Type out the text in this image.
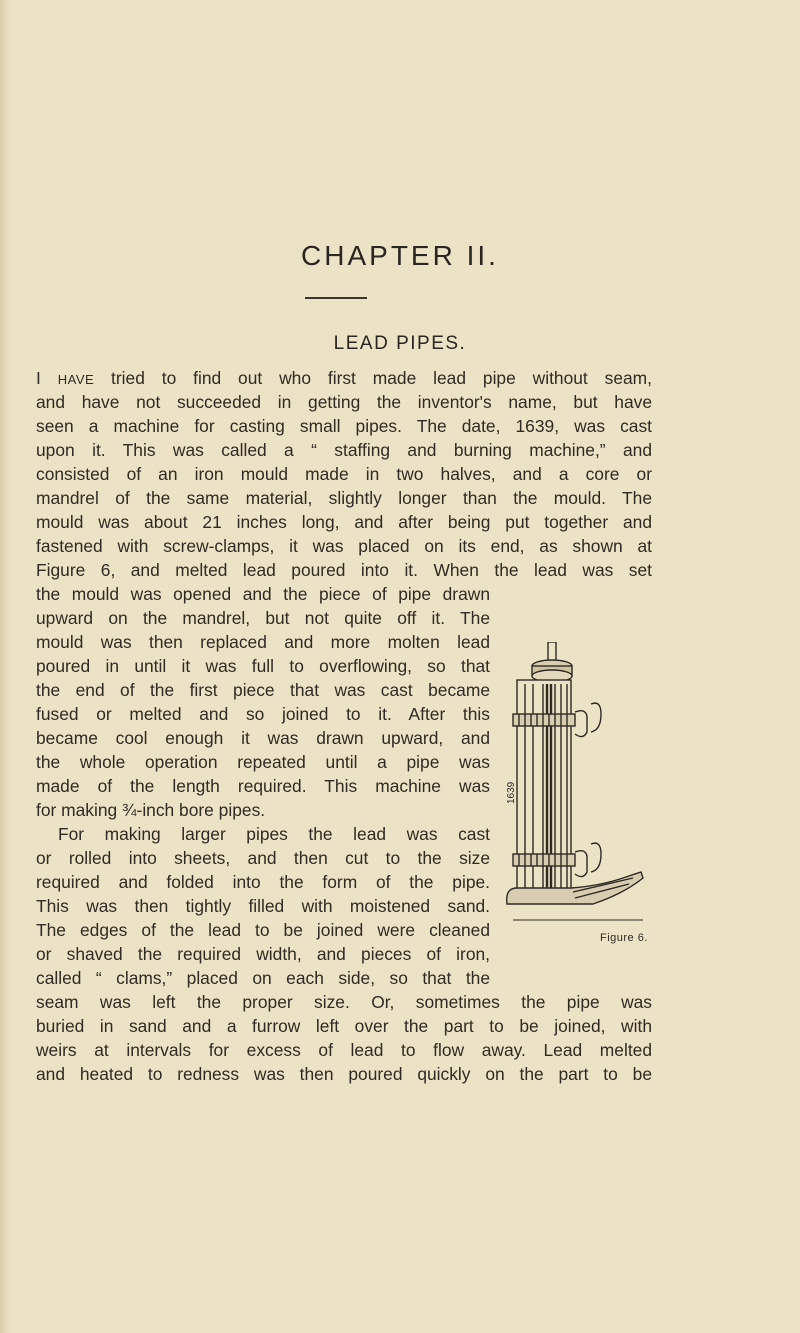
CHAPTER II.
LEAD PIPES.
I HAVE tried to find out who first made lead pipe without seam,
and have not succeeded in getting the inventor's name, but have
seen a machine for casting small pipes. The date, 1639, was cast
upon it. This was called a “ staffing and burning machine,” and
consisted of an iron mould made in two halves, and a core or
mandrel of the same material, slightly longer than the mould. The
mould was about 21 inches long, and after being put together and
fastened with screw-clamps, it was placed on its end, as shown at
Figure 6, and melted lead poured into it. When the lead was set
the mould was opened and the piece of pipe drawn
upward on the mandrel, but not quite off it. The
mould was then replaced and more molten lead
poured in until it was full to overflowing, so that
the end of the first piece that was cast became
fused or melted and so joined to it. After this
became cool enough it was drawn upward, and
the whole operation repeated until a pipe was
made of the length required. This machine was
for making ¾-inch bore pipes.
For making larger pipes the lead was cast
or rolled into sheets, and then cut to the size
required and folded into the form of the pipe.
This was then tightly filled with moistened sand.
The edges of the lead to be joined were cleaned
or shaved the required width, and pieces of iron,
called “ clams,” placed on each side, so that the
seam was left the proper size. Or, sometimes the pipe was
buried in sand and a furrow left over the part to be joined, with
weirs at intervals for excess of lead to flow away. Lead melted
and heated to redness was then poured quickly on the part to be
1639
Figure 6.
